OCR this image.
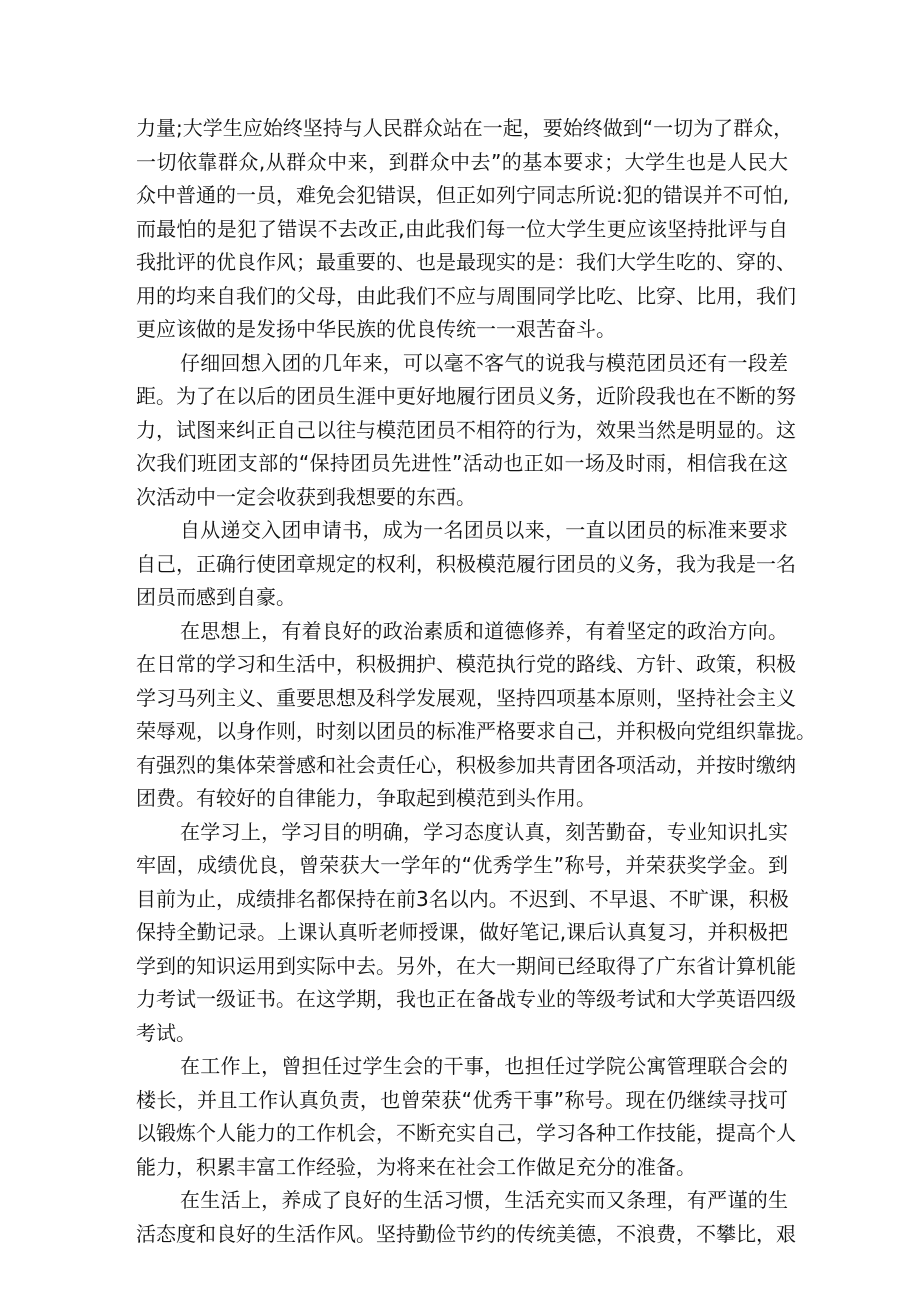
力量;大学生应始终坚持与人民群众站在一起，要始终做到“一切为了群众，
一切依靠群众,从群众中来，到群众中去”的基本要求；大学生也是人民大
众中普通的一员，难免会犯错误，但正如列宁同志所说:犯的错误并不可怕,
而最怕的是犯了错误不去改正,由此我们每一位大学生更应该坚持批评与自
我批评的优良作风；最重要的、也是最现实的是：我们大学生吃的、穿的、
用的均来自我们的父母，由此我们不应与周围同学比吃、比穿、比用，我们
更应该做的是发扬中华民族的优良传统一一艰苦奋斗。
仔细回想入团的几年来，可以毫不客气的说我与模范团员还有一段差
距。为了在以后的团员生涯中更好地履行团员义务，近阶段我也在不断的努
力，试图来纠正自己以往与模范团员不相符的行为，效果当然是明显的。这
次我们班团支部的“保持团员先进性”活动也正如一场及时雨，相信我在这
次活动中一定会收获到我想要的东西。
自从递交入团申请书，成为一名团员以来，一直以团员的标准来要求
自己，正确行使团章规定的权利，积极模范履行团员的义务，我为我是一名
团员而感到自豪。
在思想上，有着良好的政治素质和道德修养，有着坚定的政治方向。
在日常的学习和生活中，积极拥护、模范执行党的路线、方针、政策，积极
学习马列主义、重要思想及科学发展观，坚持四项基本原则，坚持社会主义
荣辱观，以身作则，时刻以团员的标准严格要求自己，并积极向党组织靠拢。
有强烈的集体荣誉感和社会责任心，积极参加共青团各项活动，并按时缴纳
团费。有较好的自律能力，争取起到模范到头作用。
在学习上，学习目的明确，学习态度认真，刻苦勤奋，专业知识扎实
牢固，成绩优良，曾荣获大一学年的“优秀学生”称号，并荣获奖学金。到
目前为止，成绩排名都保持在前3名以内。不迟到、不早退、不旷课，积极
保持全勤记录。上课认真听老师授课，做好笔记,课后认真复习，并积极把
学到的知识运用到实际中去。另外，在大一期间已经取得了广东省计算机能
力考试一级证书。在这学期，我也正在备战专业的等级考试和大学英语四级
考试。
在工作上，曾担任过学生会的干事，也担任过学院公寓管理联合会的
楼长，并且工作认真负责，也曾荣获“优秀干事”称号。现在仍继续寻找可
以锻炼个人能力的工作机会，不断充实自己，学习各种工作技能，提高个人
能力，积累丰富工作经验，为将来在社会工作做足充分的准备。
在生活上，养成了良好的生活习惯，生活充实而又条理，有严谨的生
活态度和良好的生活作风。坚持勤俭节约的传统美德，不浪费，不攀比，艰
